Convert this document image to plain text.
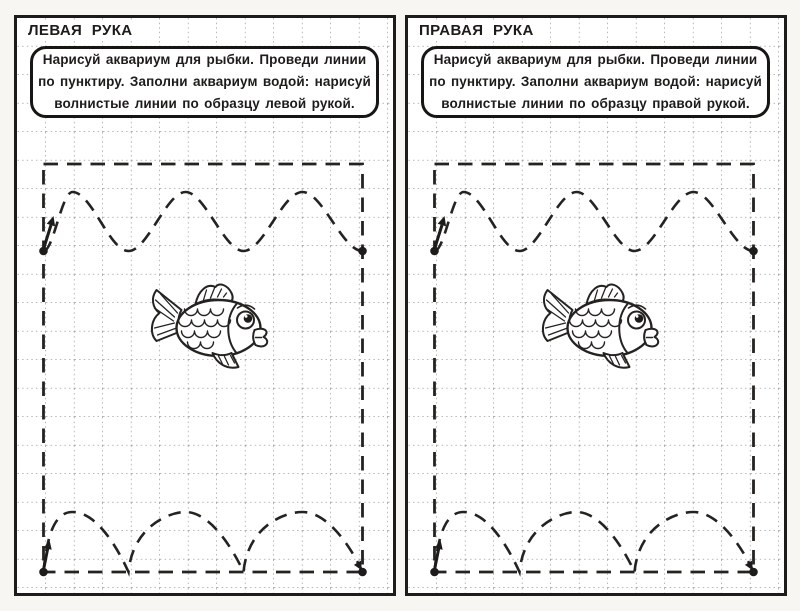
ЛЕВАЯ РУКА
Нарисуй аквариум для рыбки. Проведи линии
по пунктиру. Заполни аквариум водой: нарисуй
волнистые линии по образцу левой рукой.
ПРАВАЯ РУКА
Нарисуй аквариум для рыбки. Проведи линии
по пунктиру. Заполни аквариум водой: нарисуй
волнистые линии по образцу правой рукой.
